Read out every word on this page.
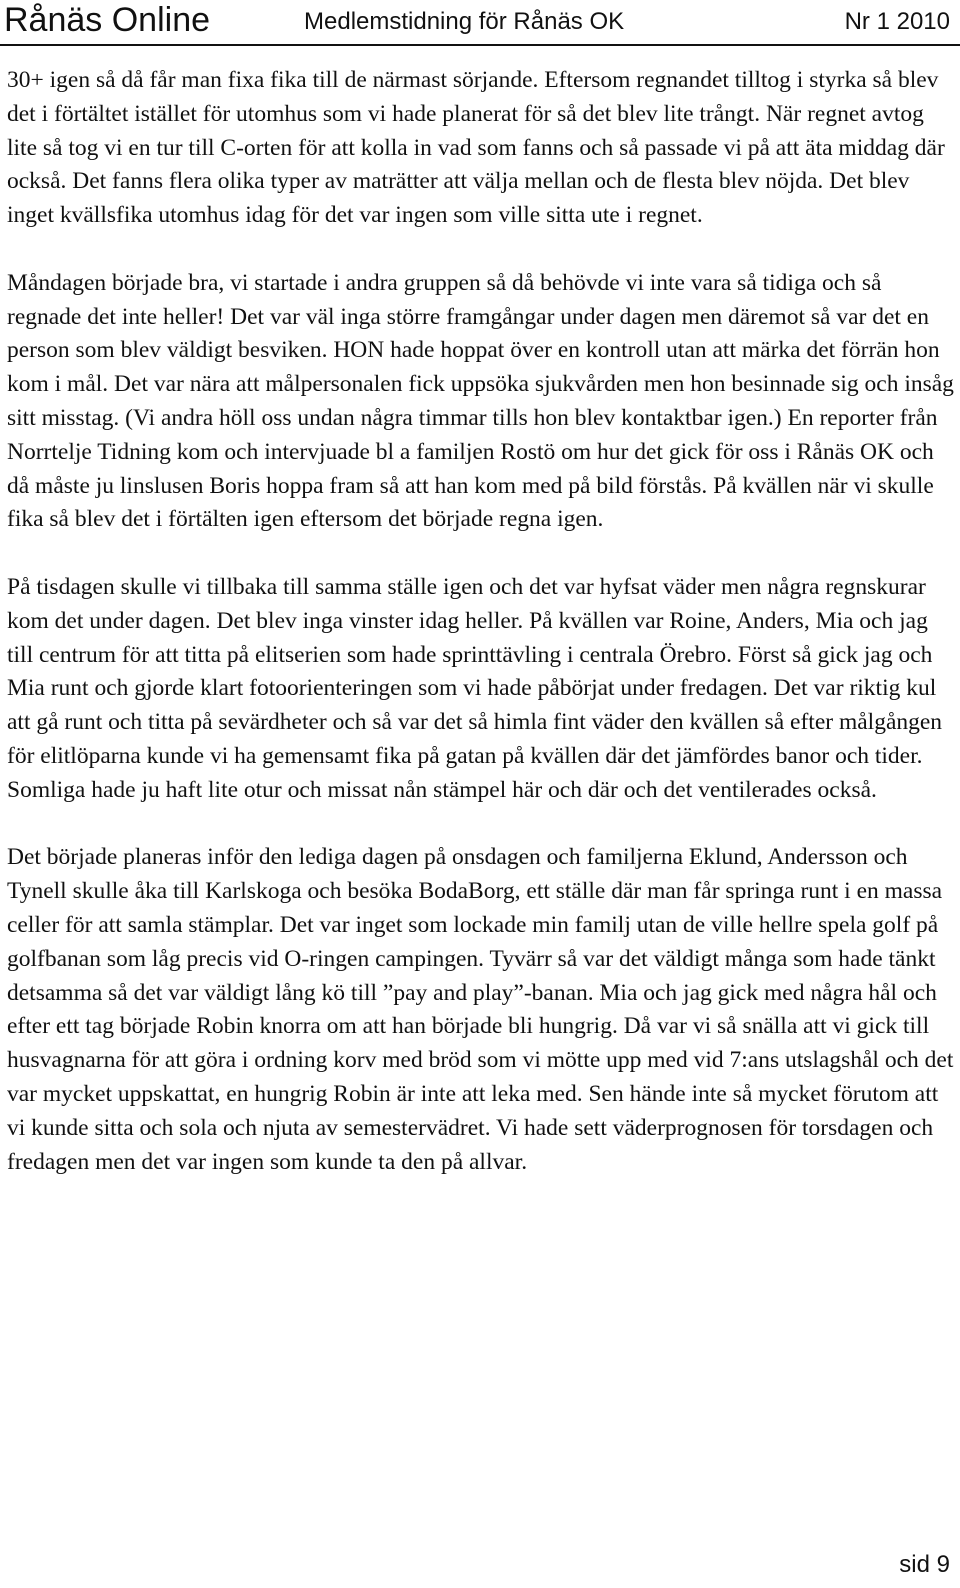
Rånäs Online	Medlemstidning för Rånäs OK	Nr 1 2010

30+ igen så då får man fixa fika till de närmast sörjande. Eftersom regnandet tilltog i styrka så blev det i förtältet istället för utomhus som vi hade planerat för så det blev lite trångt. När regnet avtog lite så tog vi en tur till C-orten för att kolla in vad som fanns och så passade vi på att äta middag där också. Det fanns flera olika typer av maträtter att välja mellan och de flesta blev nöjda. Det blev inget kvällsfika utomhus idag för det var ingen som ville sitta ute i regnet.

Måndagen började bra, vi startade i andra gruppen så då behövde vi inte vara så tidiga och så regnade det inte heller! Det var väl inga större framgångar under dagen men däremot så var det en person som blev väldigt besviken. HON hade hoppat över en kontroll utan att märka det förrän hon kom i mål. Det var nära att målpersonalen fick uppsöka sjukvården men hon besinnade sig och insåg sitt misstag. (Vi andra höll oss undan några timmar tills hon blev kontaktbar igen.) En reporter från Norrtelje Tidning kom och intervjuade bl a familjen Rostö om hur det gick för oss i Rånäs OK och då måste ju linslusen Boris hoppa fram så att han kom med på bild förstås. På kvällen när vi skulle fika så blev det i förtälten igen eftersom det började regna igen.

På tisdagen skulle vi tillbaka till samma ställe igen och det var hyfsat väder men några regnskurar kom det under dagen. Det blev inga vinster idag heller. På kvällen var Roine, Anders, Mia och jag till centrum för att titta på elitserien som hade sprinttävling i centrala Örebro. Först så gick jag och Mia runt och gjorde klart fotoorienteringen som vi hade påbörjat under fredagen. Det var riktig kul att gå runt och titta på sevärdheter och så var det så himla fint väder den kvällen så efter målgången för elitlöparna kunde vi ha gemensamt fika på gatan på kvällen där det jämfördes banor och tider. Somliga hade ju haft lite otur och missat nån stämpel här och där och det ventilerades också.

Det började planeras inför den lediga dagen på onsdagen och familjerna Eklund, Andersson och Tynell skulle åka till Karlskoga och besöka BodaBorg, ett ställe där man får springa runt i en massa celler för att samla stämplar. Det var inget som lockade min familj utan de ville hellre spela golf på golfbanan som låg precis vid O-ringen campingen. Tyvärr så var det väldigt många som hade tänkt detsamma så det var väldigt lång kö till ”pay and play”-banan. Mia och jag gick med några hål och efter ett tag började Robin knorra om att han började bli hungrig. Då var vi så snälla att vi gick till husvagnarna för att göra i ordning korv med bröd som vi mötte upp med vid 7:ans utslagshål och det var mycket uppskattat, en hungrig Robin är inte att leka med. Sen hände inte så mycket förutom att vi kunde sitta och sola och njuta av semestervädret. Vi hade sett väderprognosen för torsdagen och fredagen men det var ingen som kunde ta den på allvar.

sid 9
